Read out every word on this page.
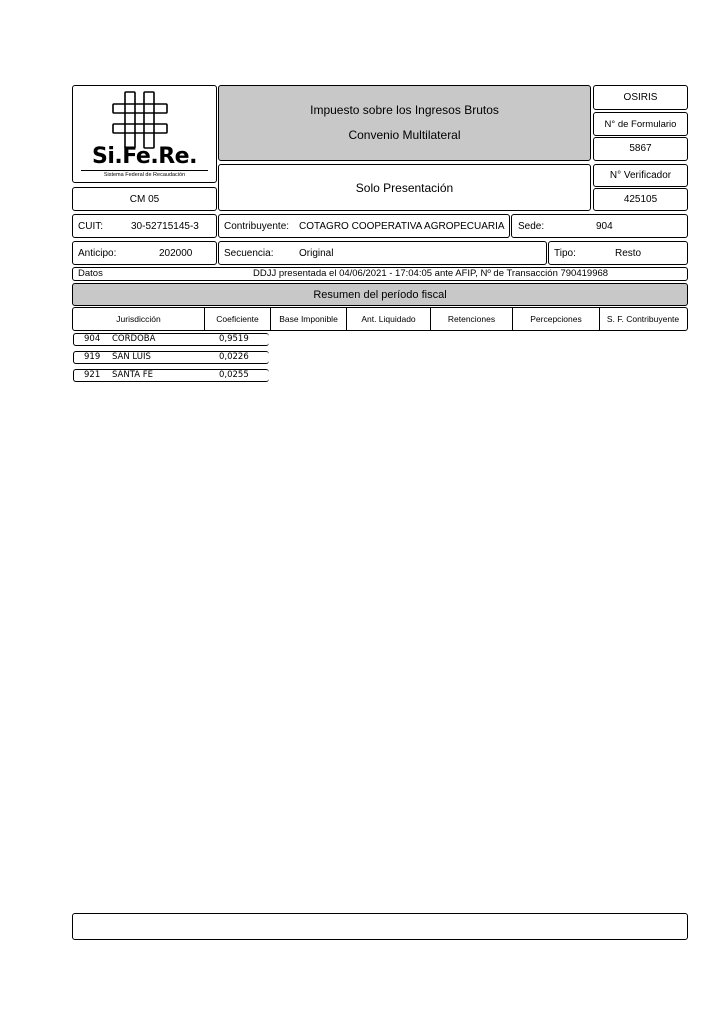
Si.Fe.Re.
Sistema Federal de Recaudación
CM 05
Impuesto sobre los Ingresos Brutos
Convenio Multilateral
Solo Presentación
OSIRIS
N° de Formulario
5867
N° Verificador
425105
CUIT:	30-52715145-3	Contribuyente: COTAGRO COOPERATIVA AGROPECUARIA Sede:	904
Anticipo:	202000	Secuencia:	Original	Tipo:	Resto
Datos	DDJJ presentada el 04/06/2021 - 17:04:05 ante AFIP, Nº de Transacción 790419968
Resumen del período fiscal
Jurisdicción	Coeficiente	Base Imponible	Ant. Liquidado	Retenciones	Percepciones	S. F. Contribuyente
904 CORDOBA	0,9519
919 SAN LUIS	0,0226
921 SANTA FE	0,0255
